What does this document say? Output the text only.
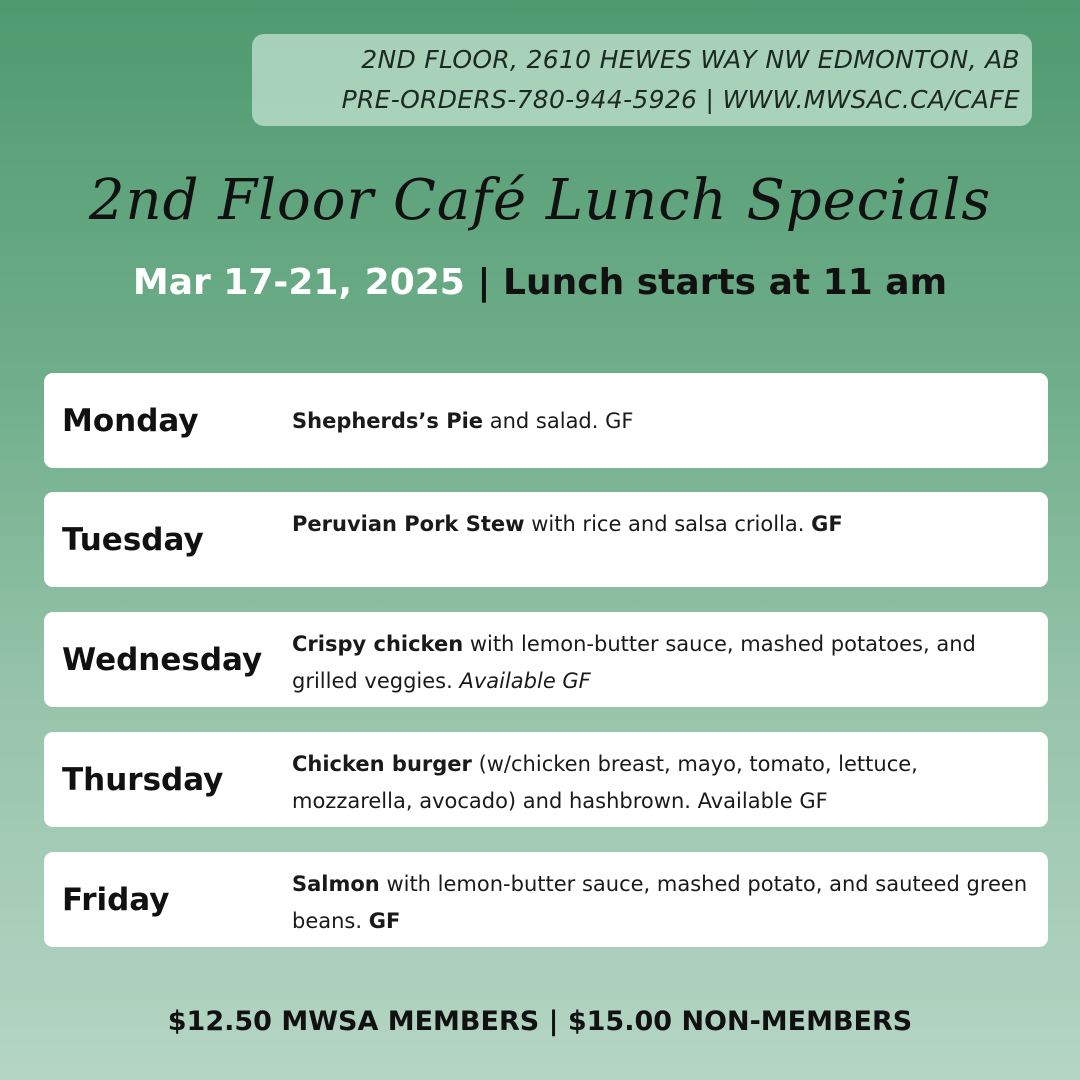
2ND FLOOR, 2610 HEWES WAY NW EDMONTON, AB
PRE-ORDERS-780-944-5926 | WWW.MWSAC.CA/CAFE
2nd Floor Café Lunch Specials
Mar 17-21, 2025 | Lunch starts at 11 am
Monday	Shepherds’s Pie and salad. GF
Tuesday	Peruvian Pork Stew with rice and salsa criolla. GF
Wednesday Crispy chicken with lemon-butter sauce, mashed potatoes, and grilled veggies. Available GF
Thursday	Chicken burger (w/chicken breast, mayo, tomato, lettuce, mozzarella, avocado) and hashbrown. Available GF
Friday	Salmon with lemon-butter sauce, mashed potato, and sauteed green beans. GF
$12.50 MWSA MEMBERS | $15.00 NON-MEMBERS
